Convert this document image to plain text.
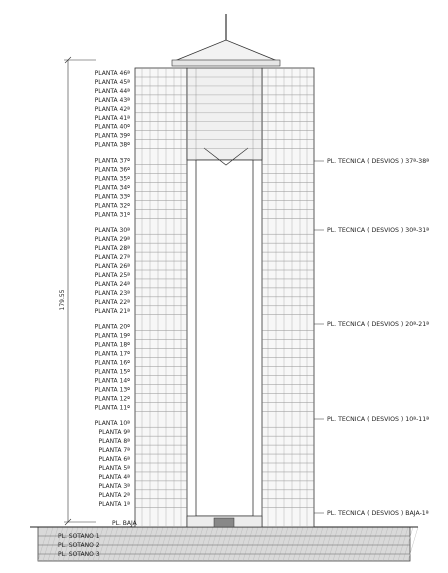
179.55
PLANTA 46ª
PLANTA 45ª
PLANTA 44ª
PLANTA 43ª
PLANTA 42ª
PLANTA 41ª
PLANTA 40ª
PLANTA 39ª
PLANTA 38ª
PLANTA 37ª
PLANTA 36ª
PLANTA 35ª
PLANTA 34ª
PLANTA 33ª
PLANTA 32ª
PLANTA 31ª
PLANTA 30ª
PLANTA 29ª
PLANTA 28ª
PLANTA 27ª
PLANTA 26ª
PLANTA 25ª
PLANTA 24ª
PLANTA 23ª
PLANTA 22ª
PLANTA 21ª
PLANTA 20ª
PLANTA 19ª
PLANTA 18ª
PLANTA 17ª
PLANTA 16ª
PLANTA 15ª
PLANTA 14ª
PLANTA 13ª
PLANTA 12ª
PLANTA 11ª
PLANTA 10ª
PLANTA 9ª
PLANTA 8ª
PLANTA 7ª
PLANTA 6ª
PLANTA 5ª
PLANTA 4ª
PLANTA 3ª
PLANTA 2ª
PLANTA 1ª
PL. TECNICA ( DESVIOS ) 37ª-38ª
PL. TECNICA ( DESVIOS ) 30ª-31ª
PL. TECNICA ( DESVIOS ) 20ª-21ª
PL. TECNICA ( DESVIOS ) 10ª-11ª
PL. TECNICA ( DESVIOS ) BAJA-1ª
PL. BAJA
PL. SOTANO 1
PL. SOTANO 2
PL. SOTANO 3
